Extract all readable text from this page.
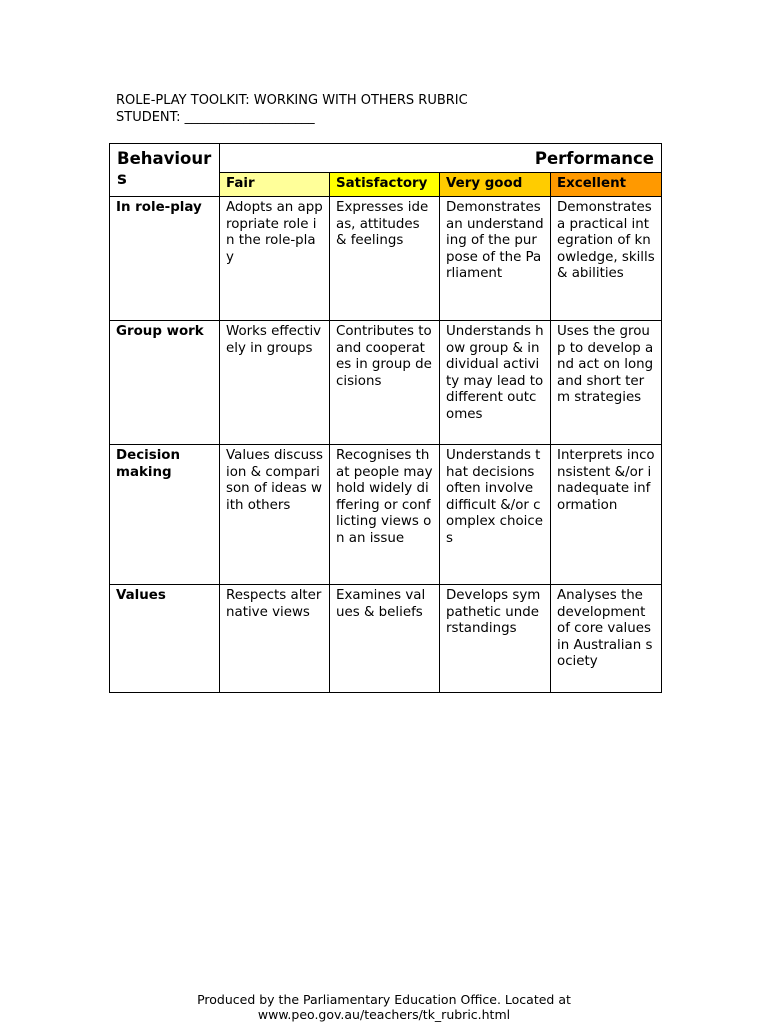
ROLE-PLAY TOOLKIT: WORKING WITH OTHERS RUBRIC
STUDENT: ____________________
Behaviours	Performance			
	Fair	Satisfactory	Very good	Excellent
In role-play	Adopts an appropriate role in the role-play	Expresses ideas, attitudes & feelings	Demonstrates an understanding of the purpose of the Parliament	Demonstrates a practical integration of knowledge, skills & abilities
Group work	Works effectively in groups	Contributes to and cooperates in group decisions	Understands how group & individual activity may lead to different outcomes	Uses the group to develop and act on long and short term strategies
Decision making	Values discussion & comparison of ideas with others	Recognises that people may hold widely differing or conflicting views on an issue	Understands that decisions often involve difficult &/or complex choices	Interprets inconsistent &/or inadequate information
Values	Respects alternative views	Examines values & beliefs	Develops sympathetic understandings	Analyses the development of core values in Australian society
Produced by the Parliamentary Education Office. Located at
www.peo.gov.au/teachers/tk_rubric.html
